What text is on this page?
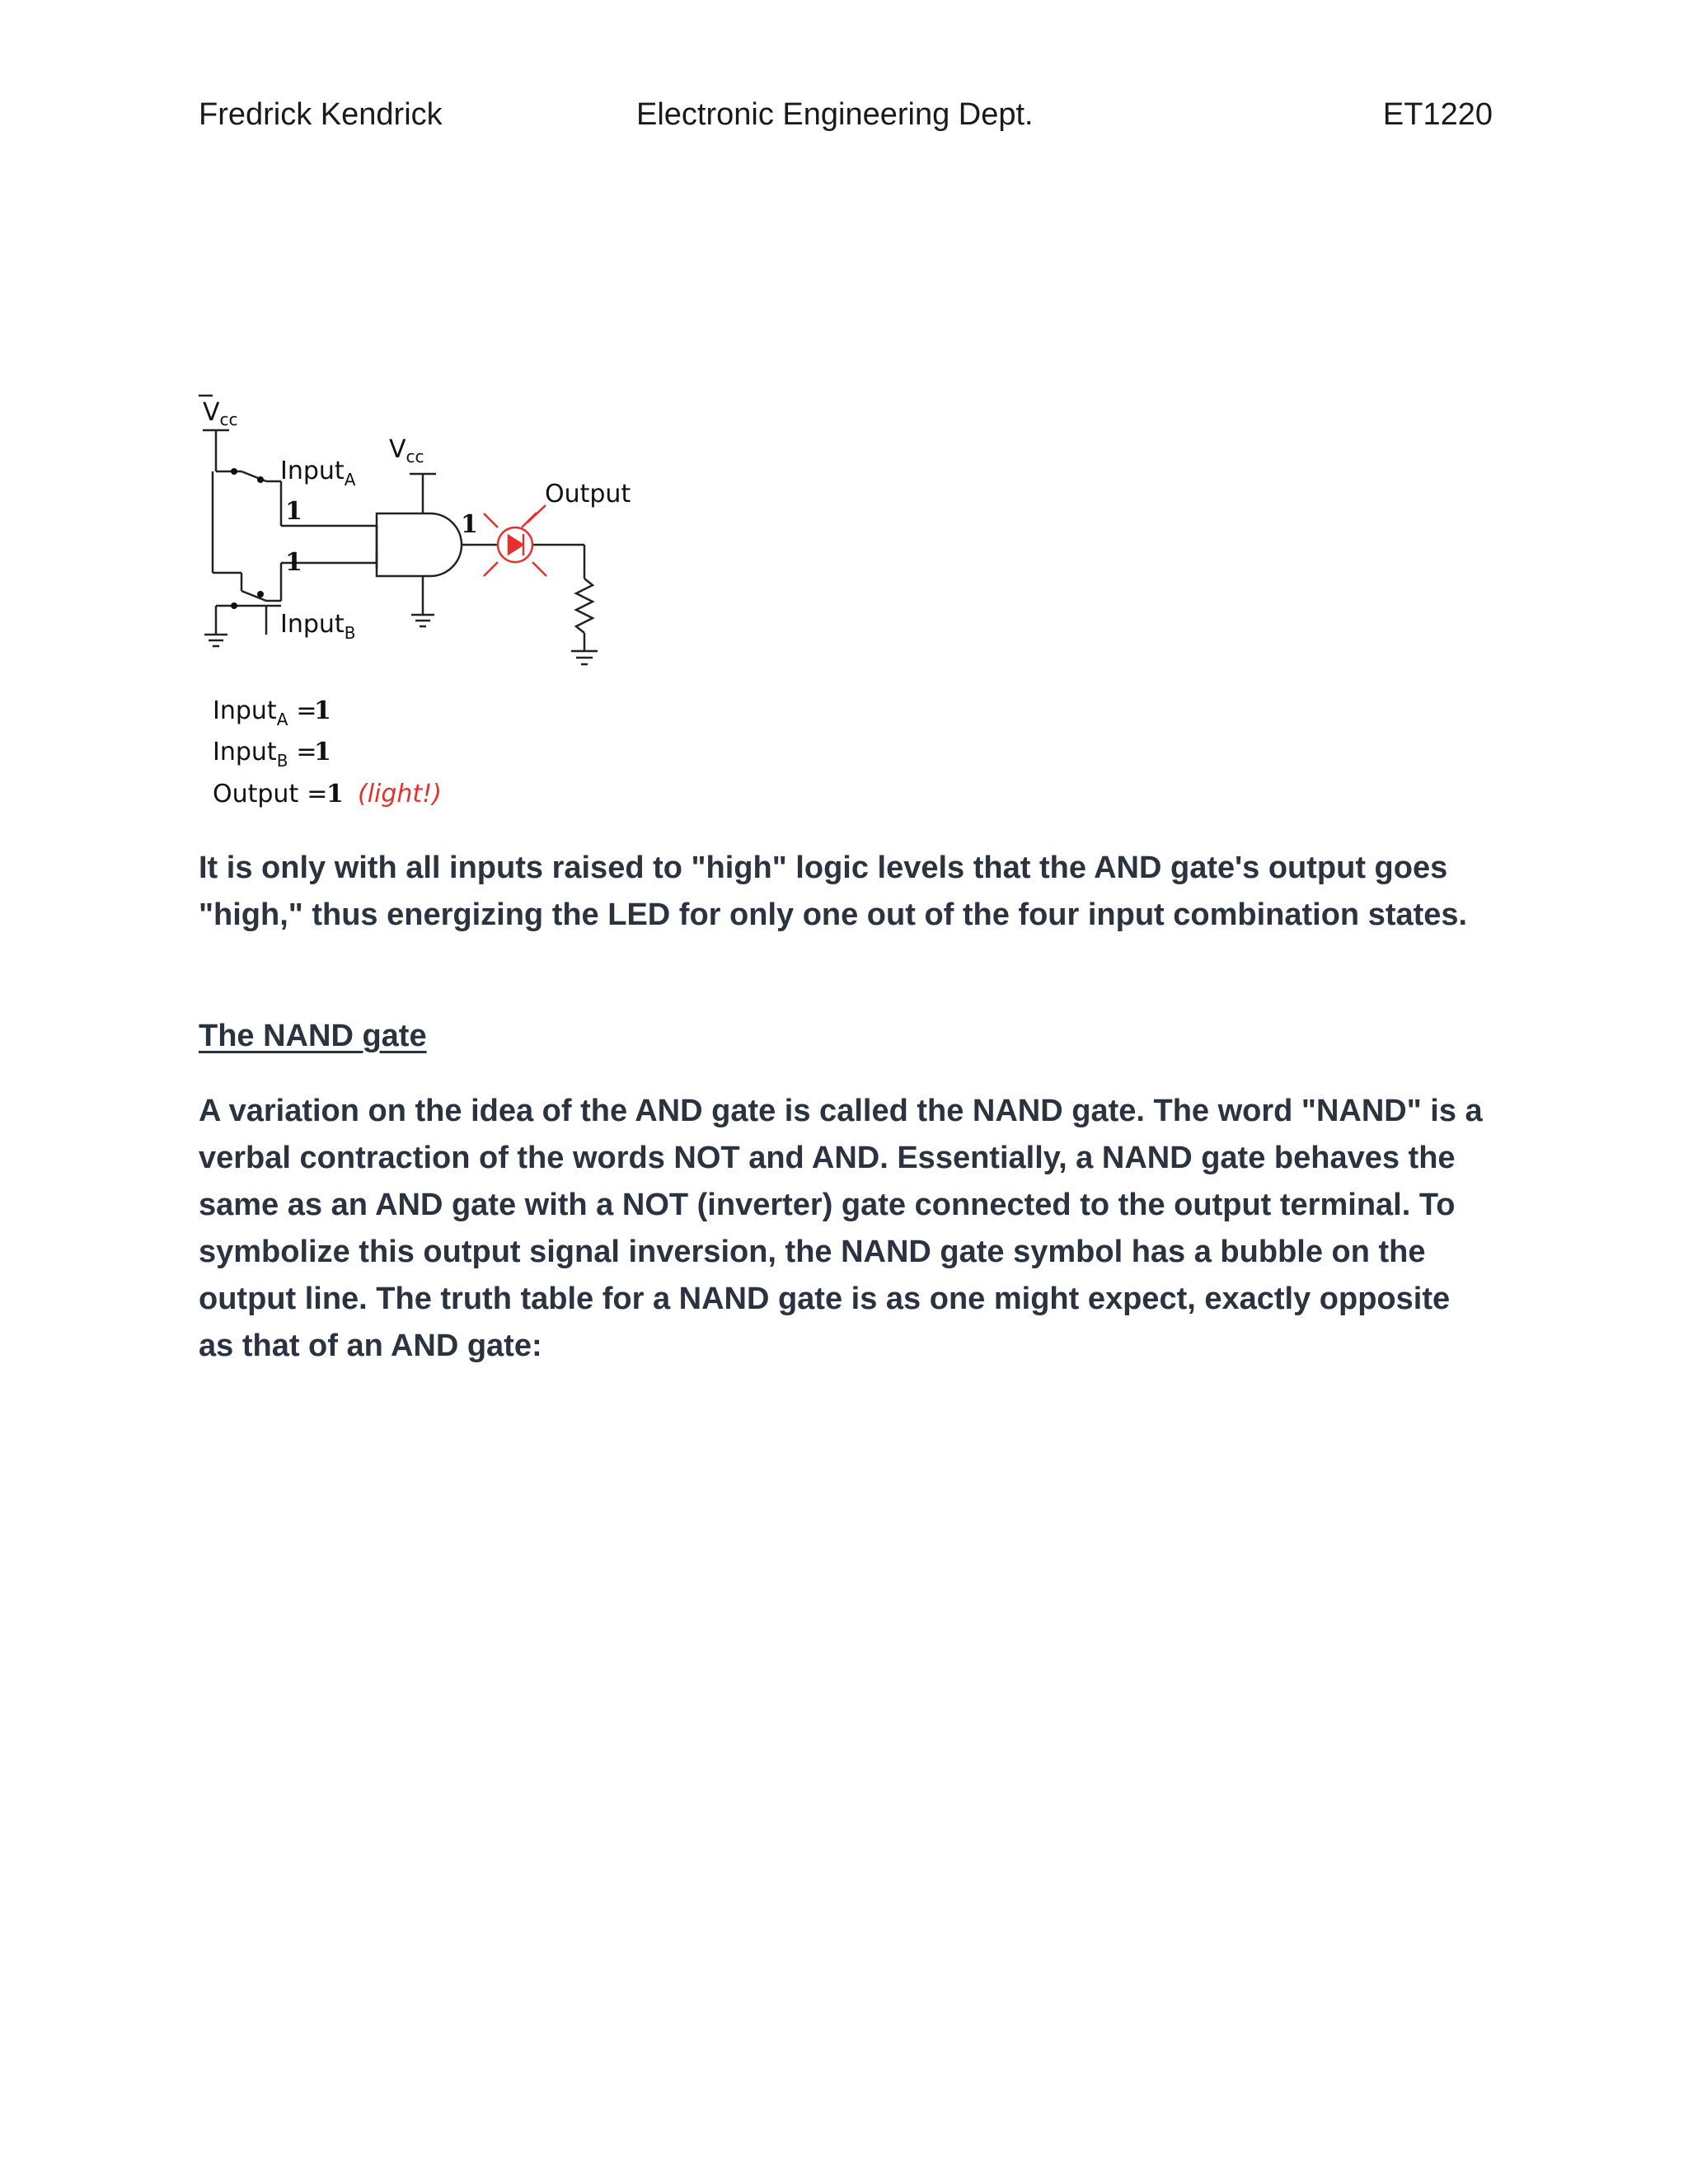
Fredrick Kendrick	Electronic Engineering Dept.	ET1220
$V_{cc}$
$V_{cc}$
Input$_A$
Input$_B$
Output
1
1
1
Input$_A$ =
1
Input$_B$ =
1
Output =
1 (light!)

It is only with all inputs raised to "high" logic levels that the AND gate's output goes "high," thus energizing the LED for only one out of the four input combination states.

The NAND gate

A variation on the idea of the AND gate is called the NAND gate. The word "NAND" is a verbal contraction of the words NOT and AND. Essentially, a NAND gate behaves the same as an AND gate with a NOT (inverter) gate connected to the output terminal. To symbolize this output signal inversion, the NAND gate symbol has a bubble on the output line. The truth table for a NAND gate is as one might expect, exactly opposite as that of an AND gate:
